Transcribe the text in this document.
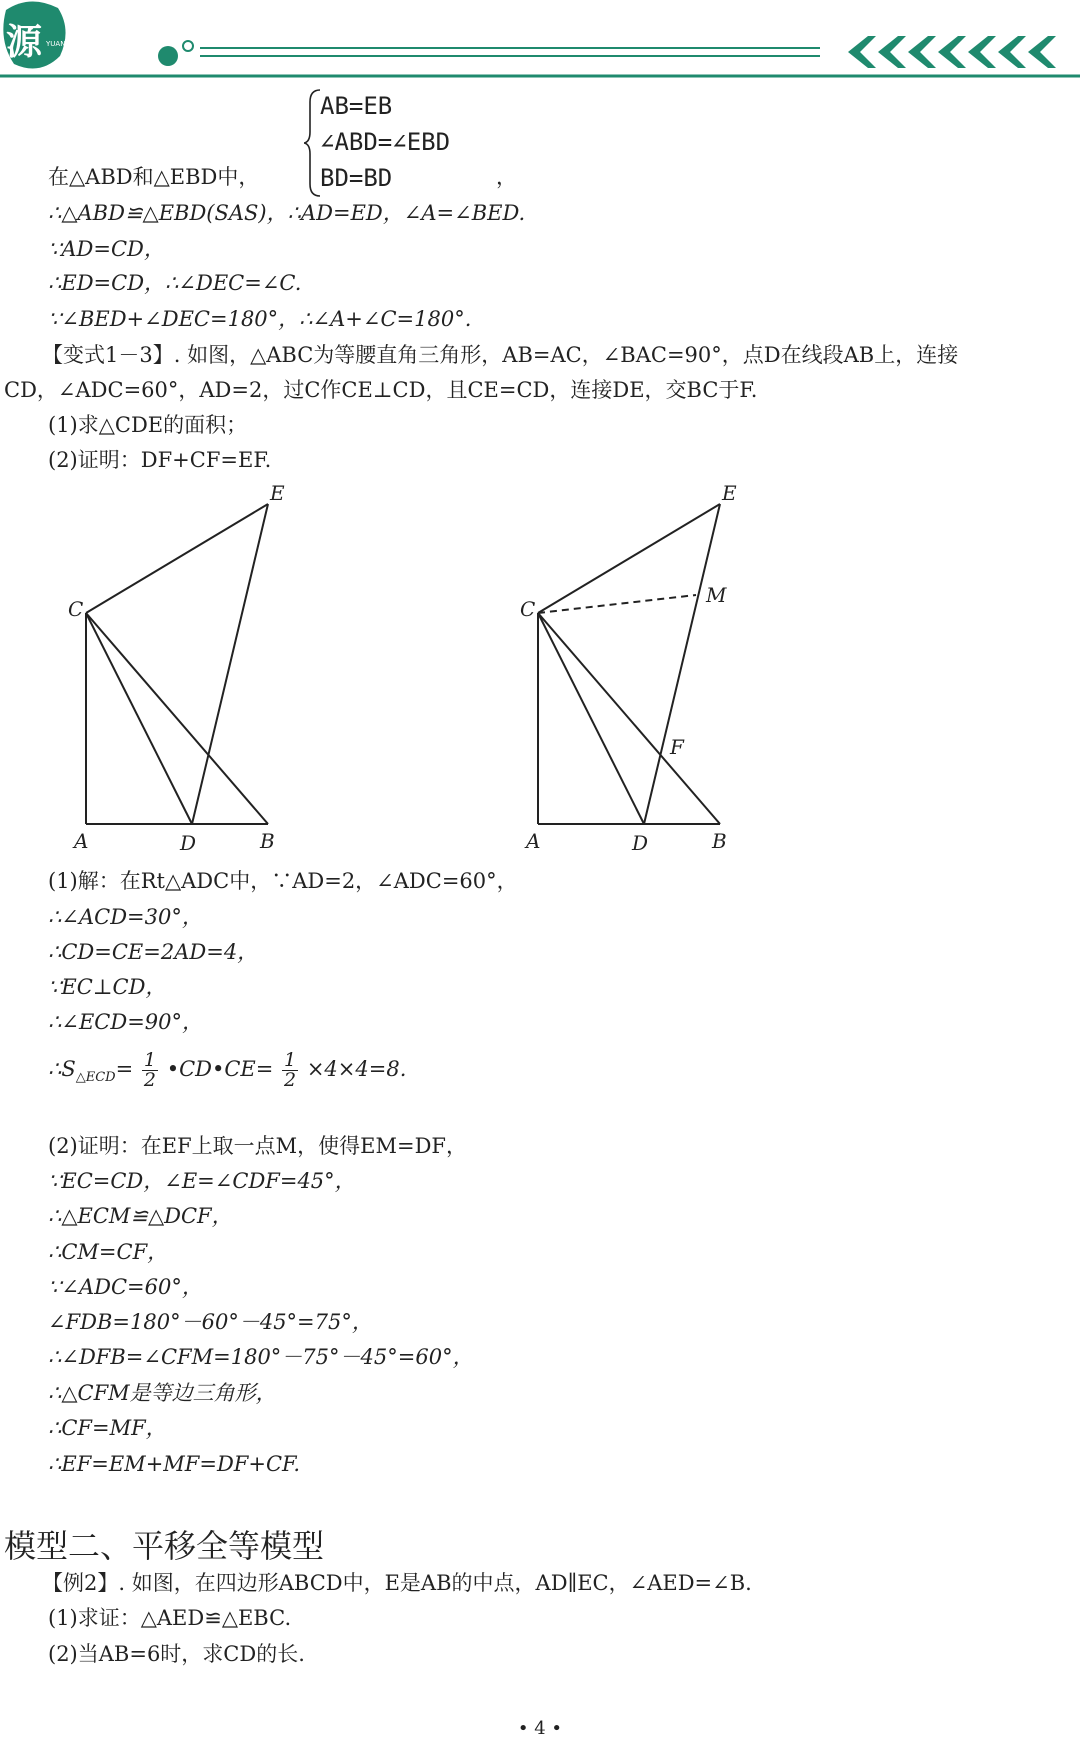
源 YUAN
AB=EB
∠ABD=∠EBD
BD=BD
在△ABD和△EBD中，	，
∴△ABD≌△EBD(SAS)，∴AD=ED，∠A=∠BED.
∵AD=CD，
∴ED=CD，∴∠DEC=∠C.
∵∠BED+∠DEC=180°，∴∠A+∠C=180°.
【变式1－3】. 如图，△ABC为等腰直角三角形，AB=AC，∠BAC=90°，点D在线段AB上，连接
CD，∠ADC=60°，AD=2，过C作CE⊥CD，且CE=CD，连接DE，交BC于F.
(1)求△CDE的面积；
(2)证明：DF+CF=EF.
E
C
A	D	B
E
C
M
F
A	D	B
(1)解：在Rt△ADC中，∵AD=2，∠ADC=60°，
∴∠ACD=30°，
∴CD=CE=2AD=4，
∵EC⊥CD，
∴∠ECD=90°，
$\therefore S_{\triangle ECD}= \frac{1}{2}$ •CD•CE= $\frac{1}{2} \times 4\times 4=8$.
(2)证明：在EF上取一点M，使得EM=DF，
∵EC=CD，∠E=∠CDF=45°，
∴△ECM≌△DCF，
∴CM=CF，
∵∠ADC=60°，
∠FDB=180°－60°－45°=75°，
∴∠DFB=∠CFM=180°－75°－45°=60°，
∴△CFM是等边三角形，
∴CF=MF，
∴EF=EM+MF=DF+CF.
模型二、平移全等模型
【例2】. 如图，在四边形ABCD中，E是AB的中点，AD∥EC，∠AED=∠B.
(1)求证：△AED≌△EBC.
(2)当AB=6时，求CD的长.
• 4 •
